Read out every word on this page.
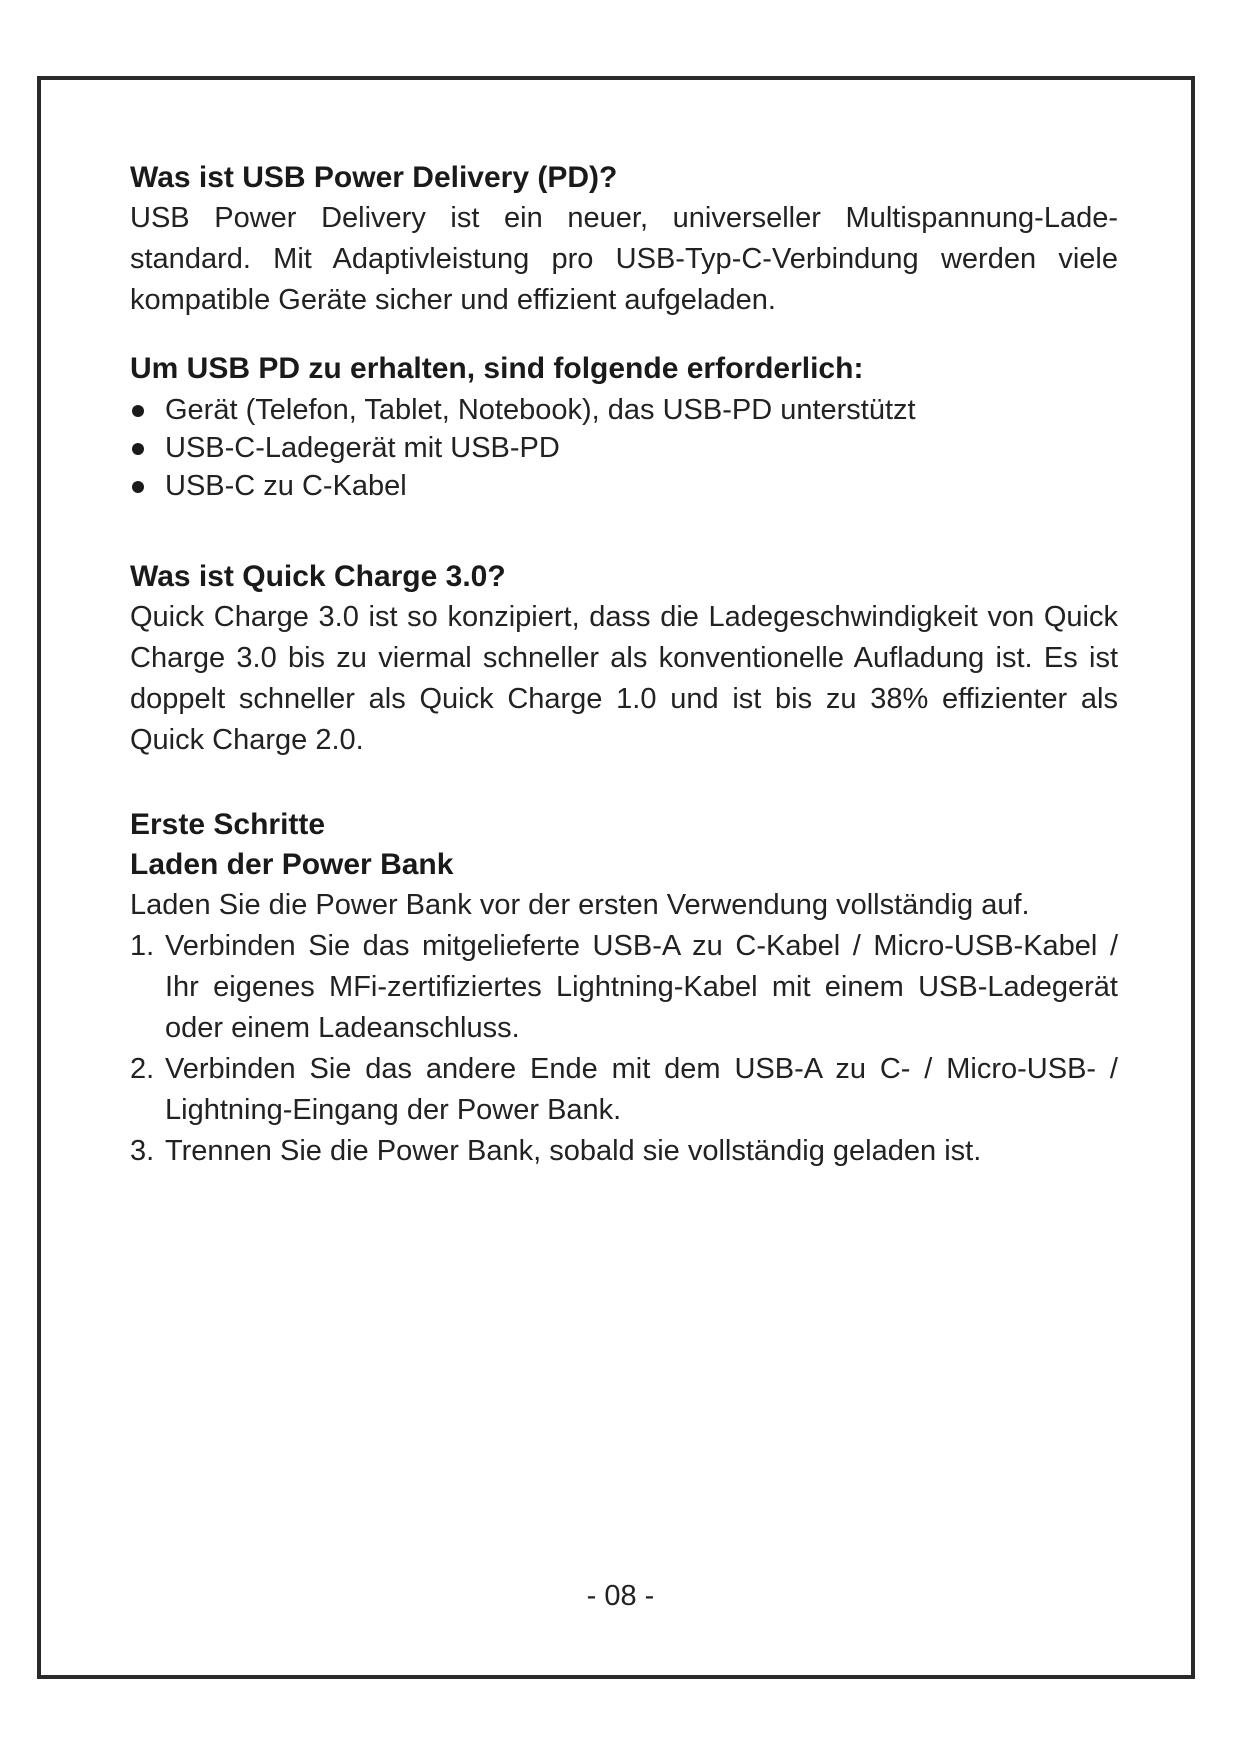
Was ist USB Power Delivery (PD)?

USB Power Delivery ist ein neuer, universeller Multispannung-Lade-standard. Mit Adaptivleistung pro USB-Typ-C-Verbindung werden viele kompatible Geräte sicher und effizient aufgeladen.

Um USB PD zu erhalten, sind folgende erforderlich:
Gerät (Telefon, Tablet, Notebook), das USB-PD unterstützt
USB-C-Ladegerät mit USB-PD
USB-C zu C-Kabel
Was ist Quick Charge 3.0?

Quick Charge 3.0 ist so konzipiert, dass die Ladegeschwindigkeit von Quick Charge 3.0 bis zu viermal schneller als konventionelle Aufladung ist. Es ist doppelt schneller als Quick Charge 1.0 und ist bis zu 38% effizienter als Quick Charge 2.0.

Erste Schritte
Laden der Power Bank

Laden Sie die Power Bank vor der ersten Verwendung vollständig auf.

1. Verbinden Sie das mitgelieferte USB-A zu C-Kabel / Micro-USB-Kabel / Ihr eigenes MFi-zertifiziertes Lightning-Kabel mit einem USB-Ladegerät oder einem Ladeanschluss.
2. Verbinden Sie das andere Ende mit dem USB-A zu C- / Micro-USB- / Lightning-Eingang der Power Bank.
3. Trennen Sie die Power Bank, sobald sie vollständig geladen ist.
- 08 -
